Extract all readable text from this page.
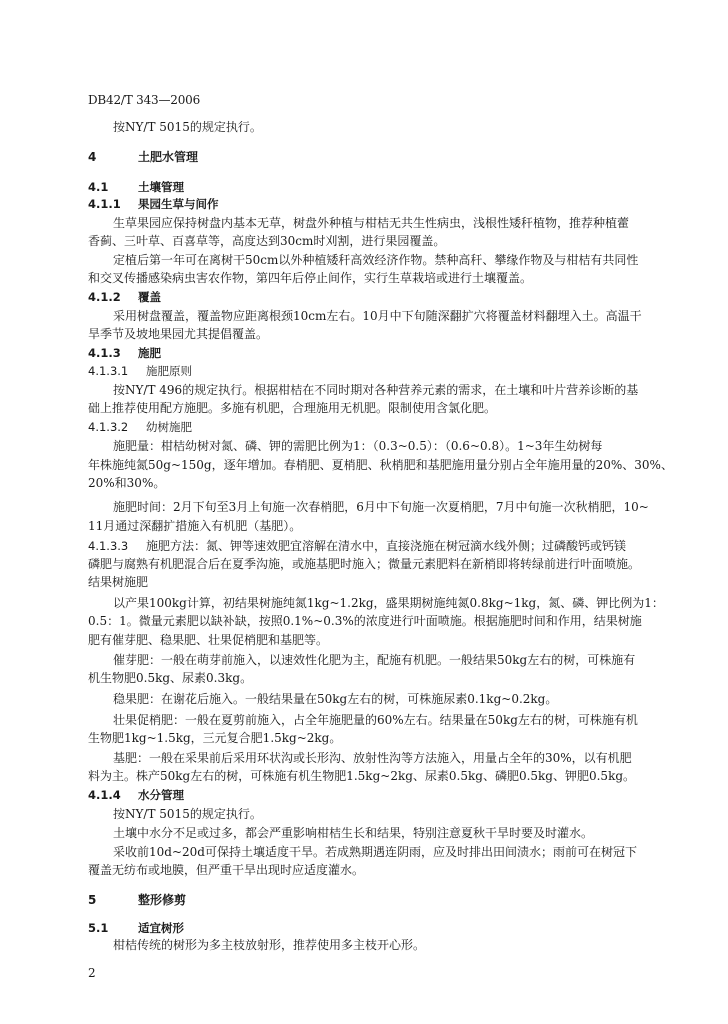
DB42/T 343—2006
按NY/T 5015的规定执行。
4	土肥水管理
4.1	土壤管理
4.1.1 果园生草与间作
生草果园应保持树盘内基本无草，树盘外种植与柑桔无共生性病虫，浅根性矮秆植物，推荐种植藿
香蓟、三叶草、百喜草等，高度达到30cm时刈割，进行果园覆盖。
定植后第一年可在离树干50cm以外种植矮秆高效经济作物。禁种高秆、攀缘作物及与柑桔有共同性
和交叉传播感染病虫害农作物，第四年后停止间作，实行生草栽培或进行土壤覆盖。
4.1.2 覆盖
采用树盘覆盖，覆盖物应距离根颈10cm左右。10月中下旬随深翻扩穴将覆盖材料翻埋入土。高温干
旱季节及坡地果园尤其提倡覆盖。
4.1.3 施肥
4.1.3.1 施肥原则
按NY/T 496的规定执行。根据柑桔在不同时期对各种营养元素的需求，在土壤和叶片营养诊断的基
础上推荐使用配方施肥。多施有机肥，合理施用无机肥。限制使用含氯化肥。
4.1.3.2 幼树施肥
施肥量：柑桔幼树对氮、磷、钾的需肥比例为1：（0.3~0.5）：（0.6~0.8）。1~3年生幼树每
年株施纯氮50g~150g，逐年增加。春梢肥、夏梢肥、秋梢肥和基肥施用量分别占全年施用量的20%、30%、
20%和30%。
施肥时间：2月下旬至3月上旬施一次春梢肥，6月中下旬施一次夏梢肥，7月中旬施一次秋梢肥，10~
11月通过深翻扩措施入有机肥（基肥）。
4.1.3.3 施肥方法：氮、钾等速效肥宜溶解在清水中，直接浇施在树冠滴水线外侧；过磷酸钙或钙镁
磷肥与腐熟有机肥混合后在夏季沟施，或施基肥时施入；微量元素肥料在新梢即将转绿前进行叶面喷施。
结果树施肥
以产果100kg计算，初结果树施纯氮1kg~1.2kg，盛果期树施纯氮0.8kg~1kg，氮、磷、钾比例为1：
0.5：1。微量元素肥以缺补缺，按照0.1%~0.3%的浓度进行叶面喷施。根据施肥时间和作用，结果树施
肥有催芽肥、稳果肥、壮果促梢肥和基肥等。
催芽肥：一般在萌芽前施入，以速效性化肥为主，配施有机肥。一般结果50kg左右的树，可株施有
机生物肥0.5kg、尿素0.3kg。
稳果肥：在谢花后施入。一般结果量在50kg左右的树，可株施尿素0.1kg~0.2kg。
壮果促梢肥：一般在夏剪前施入，占全年施肥量的60%左右。结果量在50kg左右的树，可株施有机
生物肥1kg~1.5kg，三元复合肥1.5kg~2kg。
基肥：一般在采果前后采用环状沟或长形沟、放射性沟等方法施入，用量占全年的30%，以有机肥
料为主。株产50kg左右的树，可株施有机生物肥1.5kg~2kg、尿素0.5kg、磷肥0.5kg、钾肥0.5kg。
4.1.4 水分管理
按NY/T 5015的规定执行。
土壤中水分不足或过多，都会严重影响柑桔生长和结果，特别注意夏秋干旱时要及时灌水。
采收前10d~20d可保持土壤适度干旱。若成熟期遇连阴雨，应及时排出田间渍水；雨前可在树冠下
覆盖无纺布或地膜，但严重干旱出现时应适度灌水。
5	整形修剪
5.1	适宜树形
柑桔传统的树形为多主枝放射形，推荐使用多主枝开心形。
2
